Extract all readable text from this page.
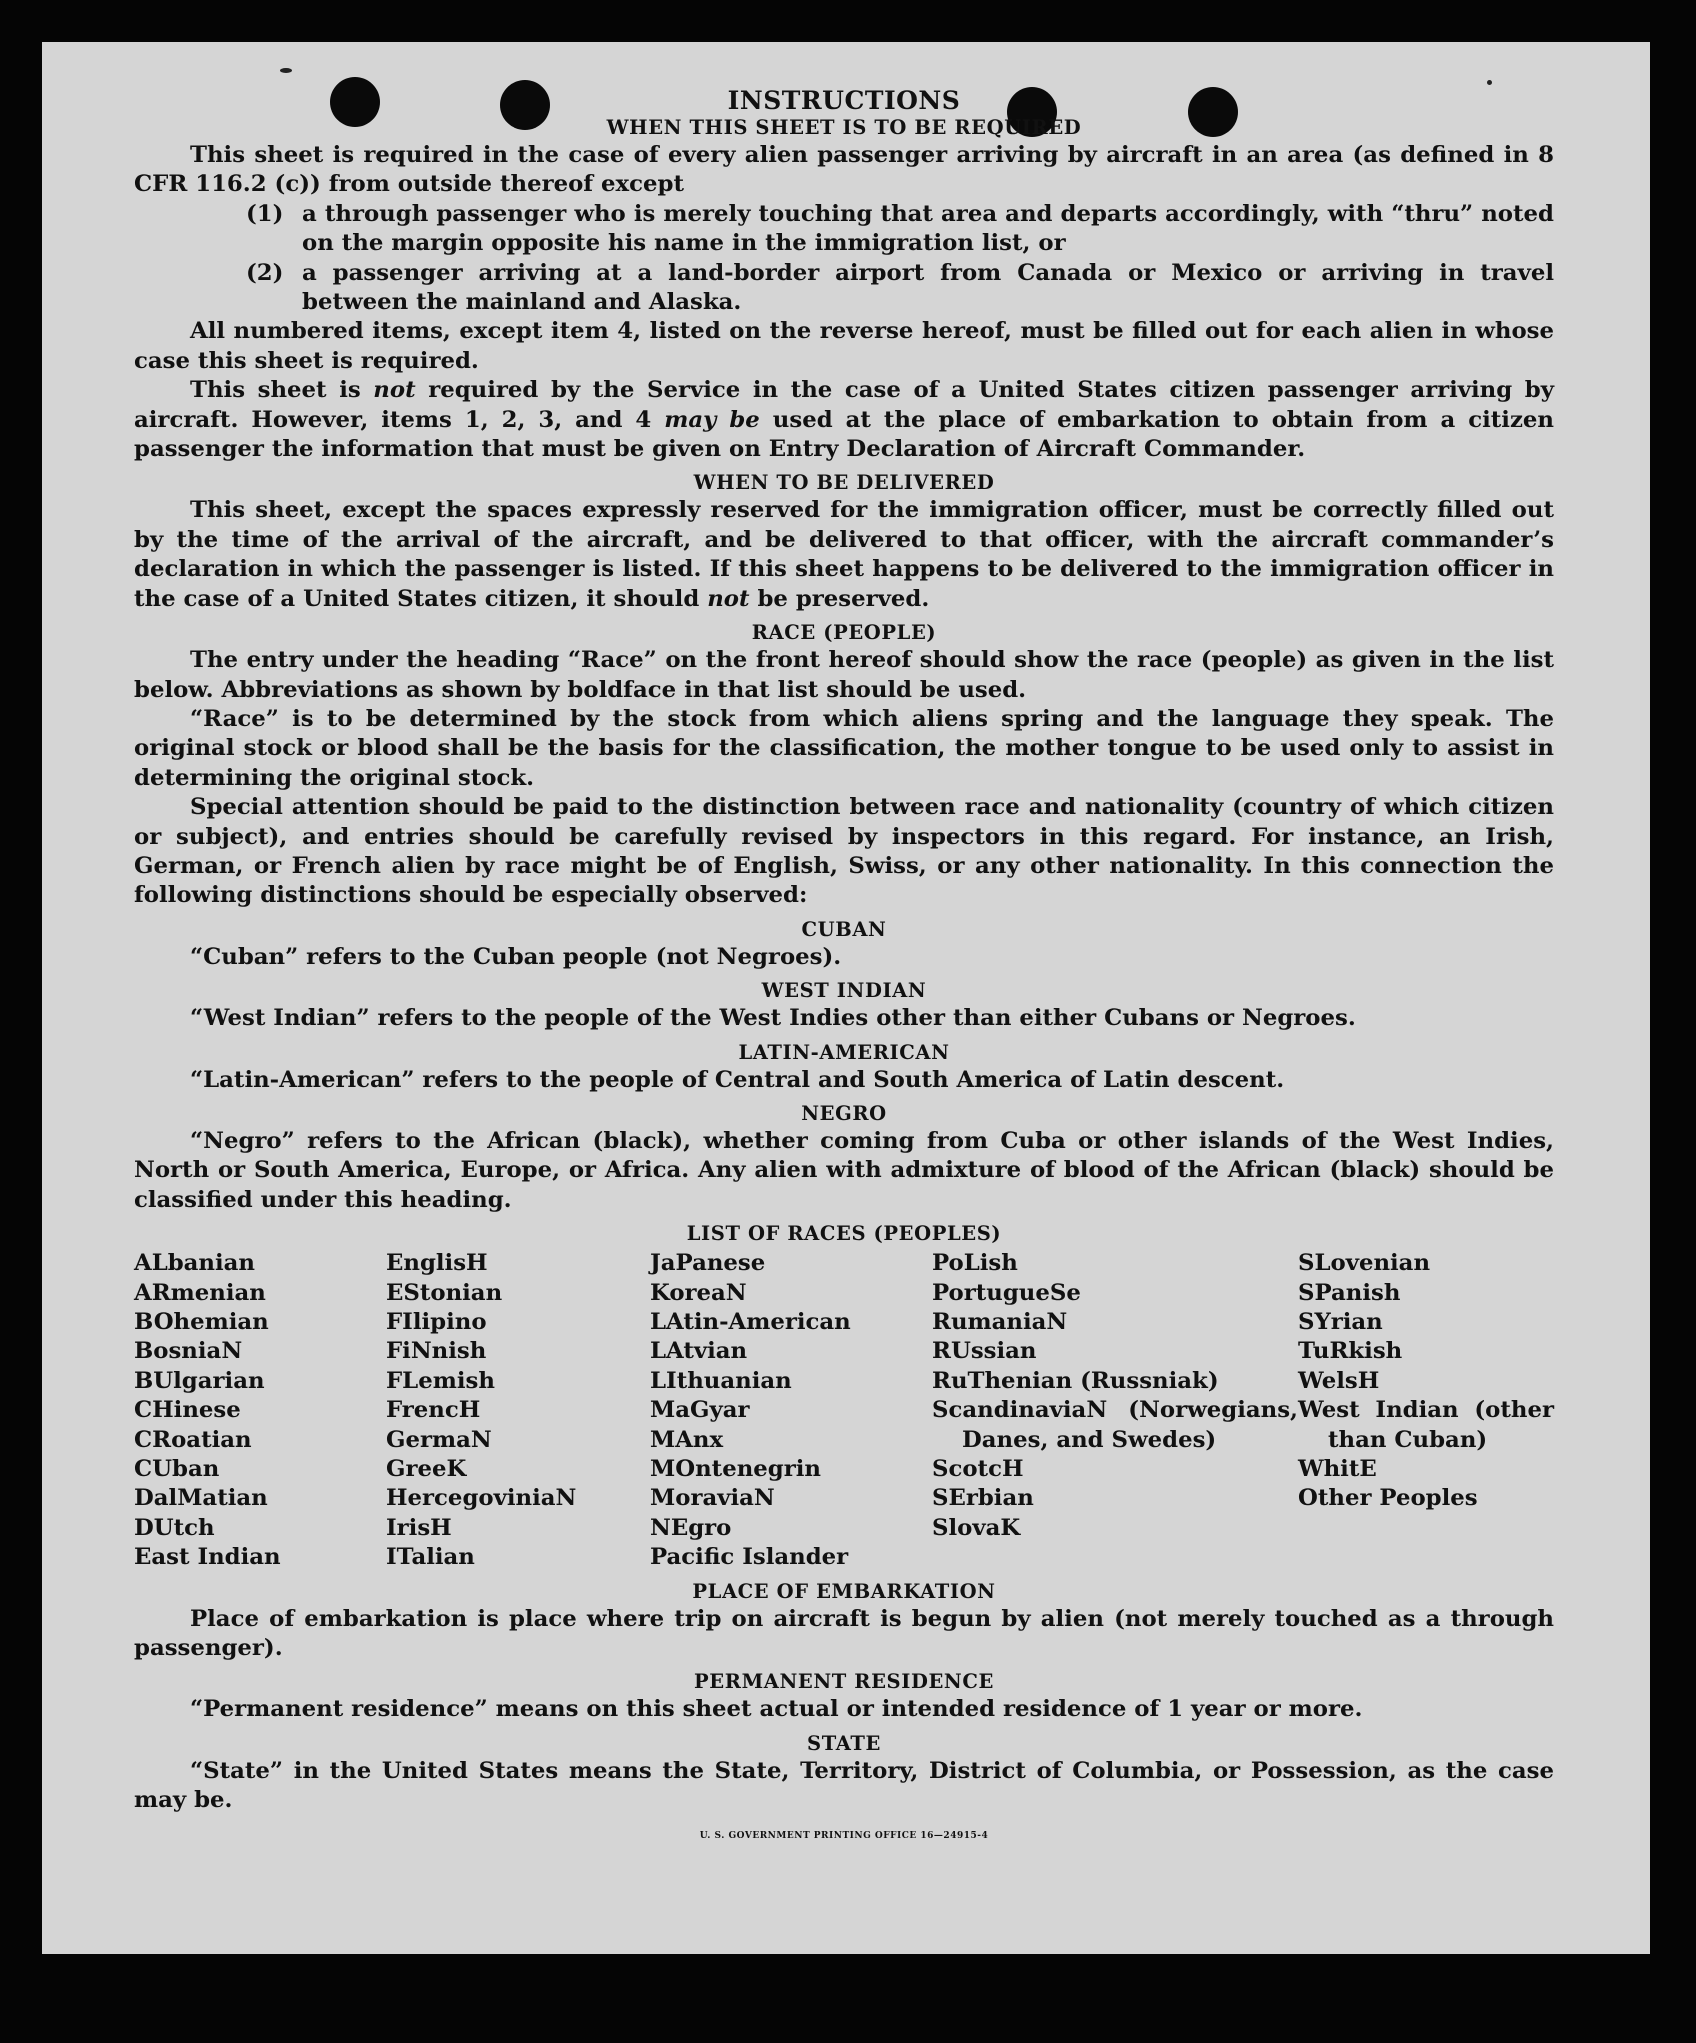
INSTRUCTIONS
WHEN THIS SHEET IS TO BE REQUIRED

This sheet is required in the case of every alien passenger arriving by aircraft in an area (as defined in 8 CFR 116.2 (c)) from outside thereof except

(1) a through passenger who is merely touching that area and departs accordingly, with “thru” noted on the margin opposite his name in the immigration list, or
(2) a passenger arriving at a land-border airport from Canada or Mexico or arriving in travel between the mainland and Alaska.

All numbered items, except item 4, listed on the reverse hereof, must be filled out for each alien in whose case this sheet is required.

This sheet is not required by the Service in the case of a United States citizen passenger arriving by aircraft. However, items 1, 2, 3, and 4 may be used at the place of embarkation to obtain from a citizen passenger the information that must be given on Entry Declaration of Aircraft Commander.

WHEN TO BE DELIVERED

This sheet, except the spaces expressly reserved for the immigration officer, must be correctly filled out by the time of the arrival of the aircraft, and be delivered to that officer, with the aircraft commander’s declaration in which the passenger is listed. If this sheet happens to be delivered to the immigration officer in the case of a United States citizen, it should not be preserved.

RACE (PEOPLE)

The entry under the heading “Race” on the front hereof should show the race (people) as given in the list below. Abbreviations as shown by boldface in that list should be used.

“Race” is to be determined by the stock from which aliens spring and the language they speak. The original stock or blood shall be the basis for the classification, the mother tongue to be used only to assist in determining the original stock.

Special attention should be paid to the distinction between race and nationality (country of which citizen or subject), and entries should be carefully revised by inspectors in this regard. For instance, an Irish, German, or French alien by race might be of English, Swiss, or any other nationality. In this connection the following distinctions should be especially observed:

CUBAN

“Cuban” refers to the Cuban people (not Negroes).

WEST INDIAN

“West Indian” refers to the people of the West Indies other than either Cubans or Negroes.

LATIN-AMERICAN

“Latin-American” refers to the people of Central and South America of Latin descent.

NEGRO

“Negro” refers to the African (black), whether coming from Cuba or other islands of the West Indies, North or South America, Europe, or Africa. Any alien with admixture of blood of the African (black) should be classified under this heading.

LIST OF RACES (PEOPLES)
ALbanian
ARmenian
BOhemian
BosniaN
BUlgarian
CHinese
CRoatian
CUban
DalMatian
DUtch
East Indian
EnglisH
EStonian
FIlipino
FiNnish
FLemish
FrencH
GermaN
GreeK
HercegoviniaN
IrisH
ITalian
JaPanese
KoreaN
LAtin-American
LAtvian
LIthuanian
MaGyar
MAnx
MOntenegrin
MoraviaN
NEgro
Pacific Islander
PoLish
PortugueSe
RumaniaN
RUssian
RuThenian (Russniak)
ScandinaviaN (Norwegians, Danes, and Swedes)
ScotcH
SErbian
SlovaK
SLovenian
SPanish
SYrian
TuRkish
WelsH
West Indian (other than Cuban)
WhitE
Other Peoples
PLACE OF EMBARKATION

Place of embarkation is place where trip on aircraft is begun by alien (not merely touched as a through passenger).

PERMANENT RESIDENCE

“Permanent residence” means on this sheet actual or intended residence of 1 year or more.

STATE

“State” in the United States means the State, Territory, District of Columbia, or Possession, as the case may be.

U. S. GOVERNMENT PRINTING OFFICE 16—24915-4
